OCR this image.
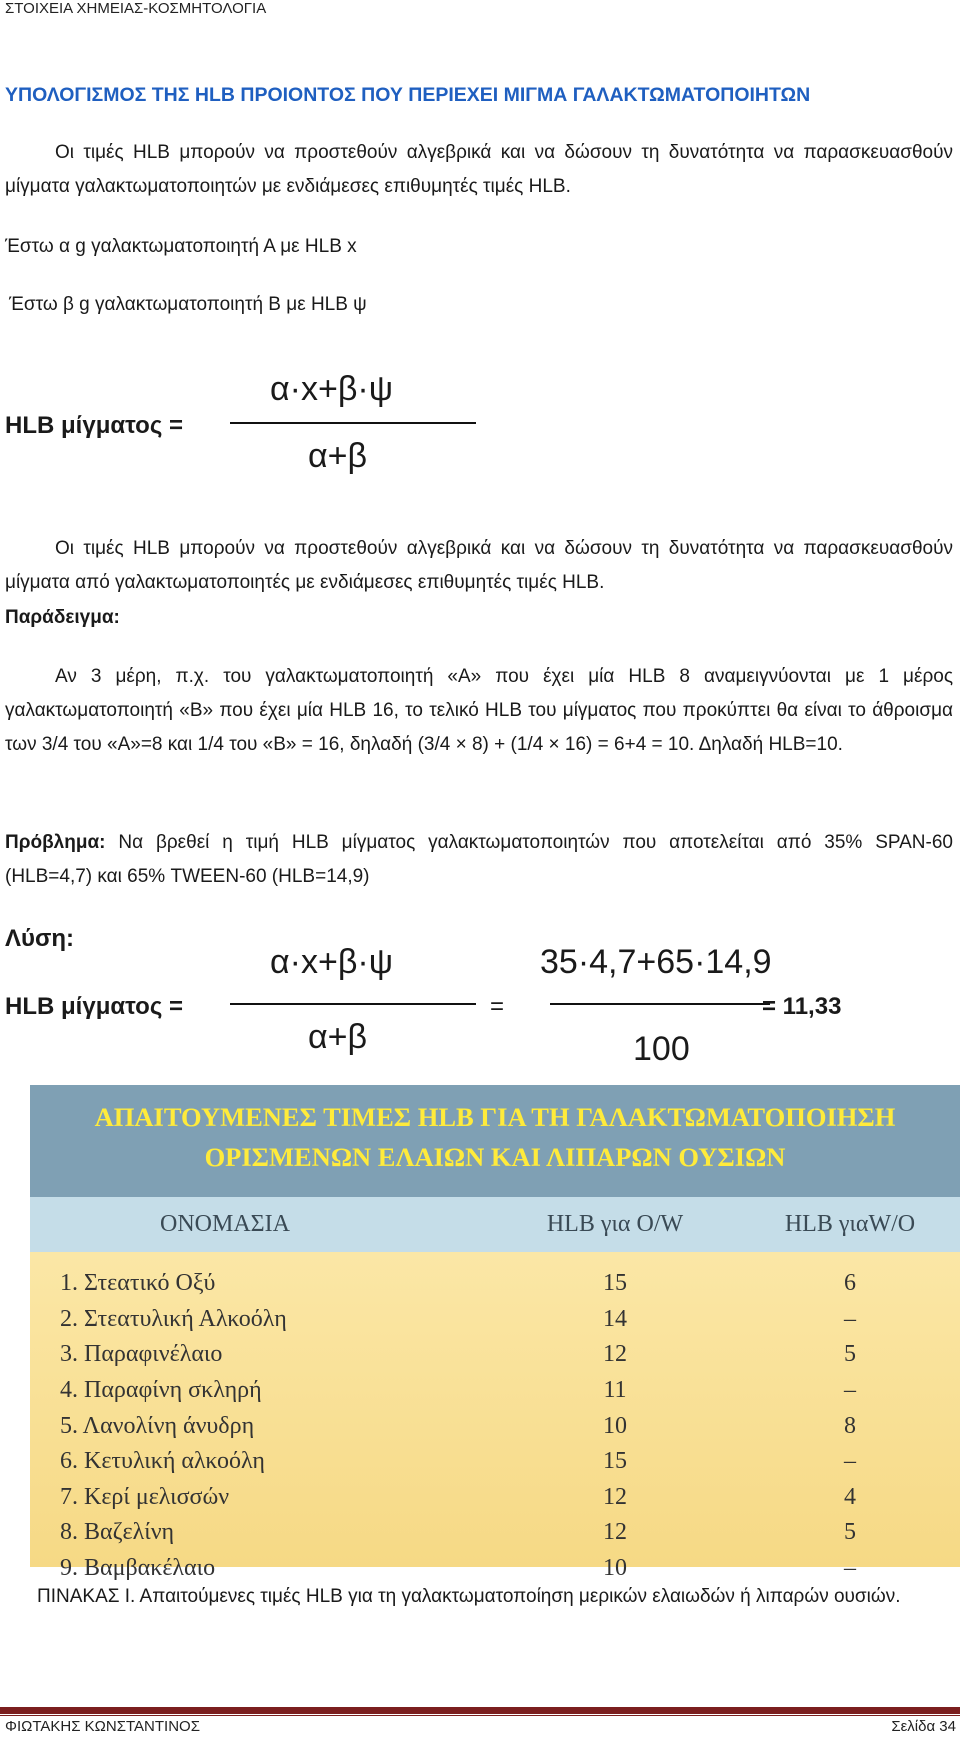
ΣΤΟΙΧΕΙΑ ΧΗΜΕΙΑΣ-ΚΟΣΜΗΤΟΛΟΓΙΑ
ΥΠΟΛΟΓΙΣΜΟΣ ΤΗΣ HLB ΠΡΟΙΟΝΤΟΣ ΠΟΥ ΠΕΡΙΕΧΕΙ ΜΙΓΜΑ ΓΑΛΑΚΤΩΜΑΤΟΠΟΙΗΤΩΝ
Οι τιμές HLB μπορούν να προστεθούν αλγεβρικά και να δώσουν τη δυνατότητα να παρασκευασθούν μίγματα γαλακτωματοποιητών με ενδιάμεσες επιθυμητές τιμές HLB.
Έστω α g γαλακτωματοποιητή Α με HLB x
Έστω β g γαλακτωματοποιητή Β με HLB ψ
α·x+β·ψ
HLB μίγματος =
α+β
Οι τιμές HLB μπορούν να προστεθούν αλγεβρικά και να δώσουν τη δυνατότητα να παρασκευασθούν μίγματα από γαλακτωματοποιητές με ενδιάμεσες επιθυμητές τιμές HLB.
Παράδειγμα:
Αν 3 μέρη, π.χ. του γαλακτωματοποιητή «Α» που έχει μία HLB 8 αναμειγνύονται με 1 μέρος γαλακτωματοποιητή «Β» που έχει μία HLB 16, το τελικό HLB του μίγματος που προκύπτει θα είναι το άθροισμα των 3/4 του «Α»=8 και 1/4 του «Β» = 16, δηλαδή (3/4 × 8) + (1/4 × 16) = 6+4 = 10. Δηλαδή HLB=10.
Πρόβλημα: Να βρεθεί η τιμή HLB μίγματος γαλακτωματοποιητών που αποτελείται από 35% SPAN-60 (HLB=4,7) και 65% TWEEN-60 (HLB=14,9)
Λύση:
α·x+β·ψ
HLB μίγματος =
α+β
=
35·4,7+65·14,9
= 11,33
100
ΑΠΑΙΤΟΥΜΕΝΕΣ ΤΙΜΕΣ HLB ΓΙΑ ΤΗ ΓΑΛΑΚΤΩΜΑΤΟΠΟΙΗΣΗ
ΟΡΙΣΜΕΝΩΝ ΕΛΑΙΩΝ ΚΑΙ ΛΙΠΑΡΩΝ ΟΥΣΙΩΝ
ΟΝΟΜΑΣΙΑ	HLB για O/W	HLB γιαW/O
1. Στεατικό Οξύ	15	6
2. Στεατυλική Αλκοόλη	14	–
3. Παραφινέλαιο	12	5
4. Παραφίνη σκληρή	11	–
5. Λανολίνη άνυδρη	10	8
6. Κετυλική αλκοόλη	15	–
7. Κερί μελισσών	12	4
8. Βαζελίνη	12	5
9. Βαμβακέλαιο	10	–
ΠΙΝΑΚΑΣ Ι. Απαιτούμενες τιμές HLB για τη γαλακτωματοποίηση μερικών ελαιωδών ή λιπαρών ουσιών.
ΦΙΩΤΑΚΗΣ ΚΩΝΣΤΑΝΤΙΝΟΣ	Σελίδα 34
